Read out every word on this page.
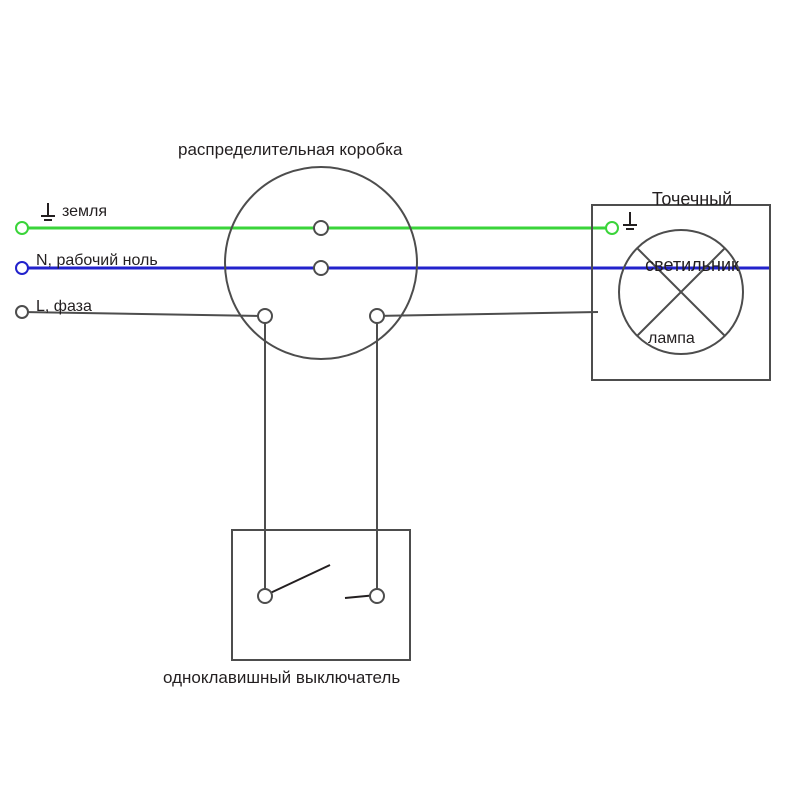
распределительная коробка

Точечный

светильник

земля
N, рабочий ноль
L, фаза
лампа
одноклавишный выключатель
